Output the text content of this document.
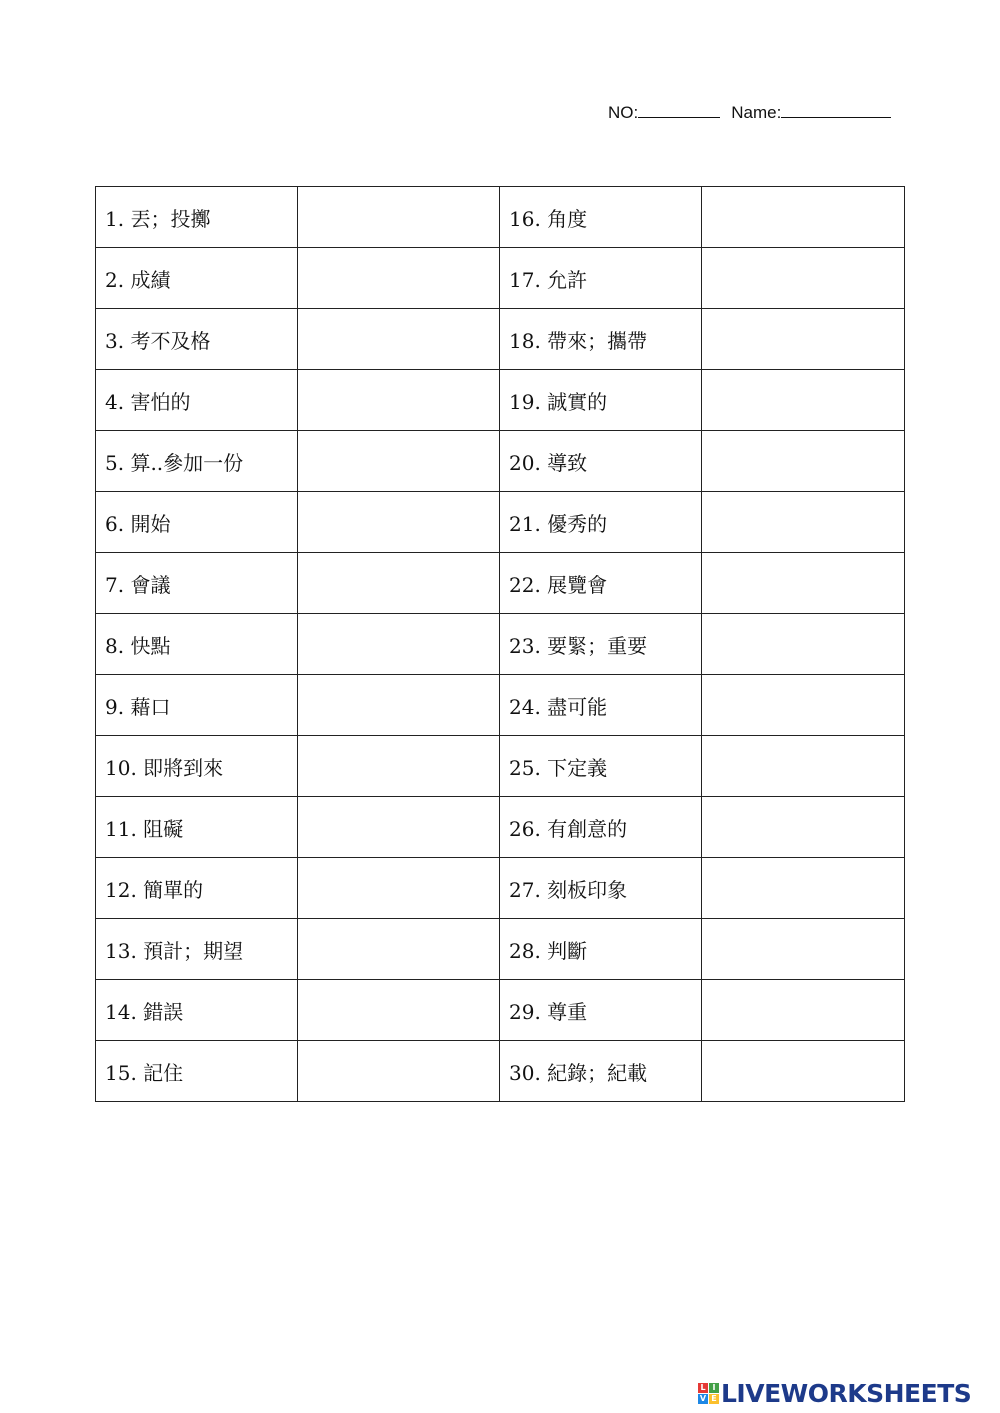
NO:	Name:
1. 丟；投擲		16. 角度	
2. 成績		17. 允許	
3. 考不及格		18. 帶來；攜帶	
4. 害怕的		19. 誠實的	
5. 算..參加一份		20. 導致	
6. 開始		21. 優秀的	
7. 會議		22. 展覽會	
8. 快點		23. 要緊；重要	
9. 藉口		24. 盡可能	
10. 即將到來		25. 下定義	
11. 阻礙		26. 有創意的	
12. 簡單的		27. 刻板印象	
13. 預計；期望		28. 判斷	
14. 錯誤		29. 尊重	
15. 記住		30. 紀錄；紀載	
L I
V E LIVEWORKSHEETS
